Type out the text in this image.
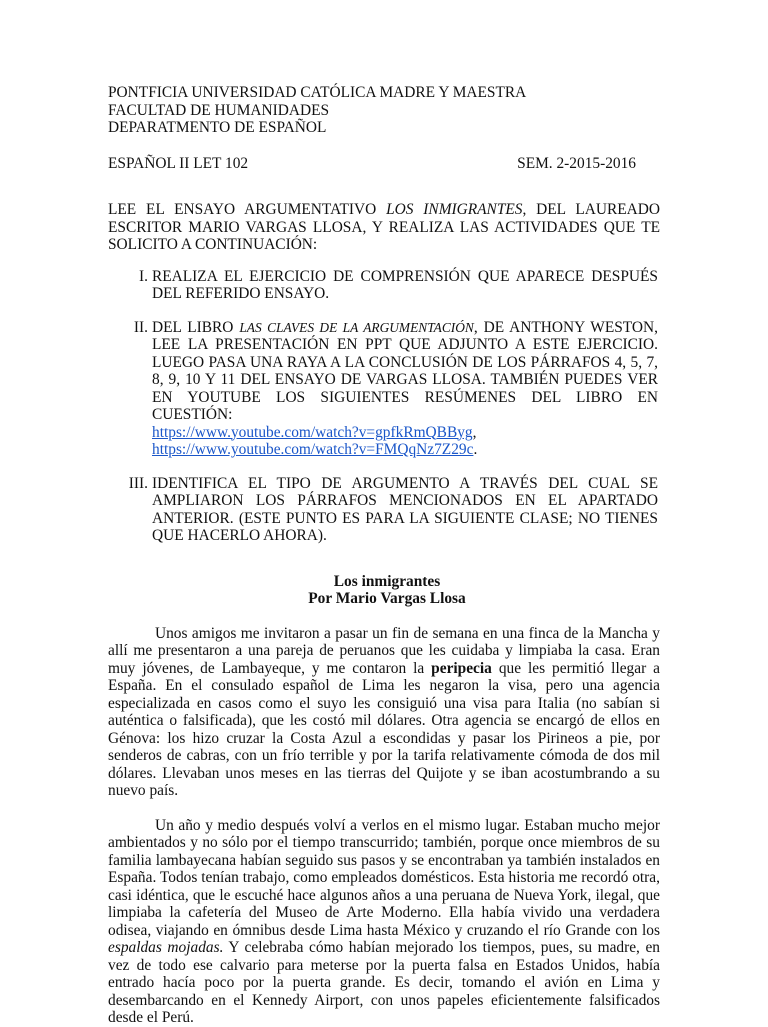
PONTFICIA UNIVERSIDAD CATÓLICA MADRE Y MAESTRA
FACULTAD DE HUMANIDADES
DEPARATMENTO DE ESPAÑOL
ESPAÑOL II LET 102	SEM. 2-2015-2016
LEE EL ENSAYO ARGUMENTATIVO LOS INMIGRANTES, DEL LAUREADO ESCRITOR MARIO VARGAS LLOSA, Y REALIZA LAS ACTIVIDADES QUE TE SOLICITO A CONTINUACIÓN:
I. REALIZA EL EJERCICIO DE COMPRENSIÓN QUE APARECE DESPUÉS DEL REFERIDO ENSAYO.
II. DEL LIBRO LAS CLAVES DE LA ARGUMENTACIÓN, DE ANTHONY WESTON, LEE LA PRESENTACIÓN EN PPT QUE ADJUNTO A ESTE EJERCICIO. LUEGO PASA UNA RAYA A LA CONCLUSIÓN DE LOS PÁRRAFOS 4, 5, 7, 8, 9, 10 Y 11 DEL ENSAYO DE VARGAS LLOSA. TAMBIÉN PUEDES VER EN YOUTUBE LOS SIGUIENTES RESÚMENES DEL LIBRO EN CUESTIÓN:
https://www.youtube.com/watch?v=gpfkRmQBByg,
https://www.youtube.com/watch?v=FMQqNz7Z29c.
III. IDENTIFICA EL TIPO DE ARGUMENTO A TRAVÉS DEL CUAL SE AMPLIARON LOS PÁRRAFOS MENCIONADOS EN EL APARTADO ANTERIOR. (ESTE PUNTO ES PARA LA SIGUIENTE CLASE; NO TIENES QUE HACERLO AHORA).
Los inmigrantes
Por Mario Vargas Llosa
Unos amigos me invitaron a pasar un fin de semana en una finca de la Mancha y allí me presentaron a una pareja de peruanos que les cuidaba y limpiaba la casa. Eran muy jóvenes, de Lambayeque, y me contaron la peripecia que les permitió llegar a España. En el consulado español de Lima les negaron la visa, pero una agencia especializada en casos como el suyo les consiguió una visa para Italia (no sabían si auténtica o falsificada), que les costó mil dólares. Otra agencia se encargó de ellos en Génova: los hizo cruzar la Costa Azul a escondidas y pasar los Pirineos a pie, por senderos de cabras, con un frío terrible y por la tarifa relativamente cómoda de dos mil dólares. Llevaban unos meses en las tierras del Quijote y se iban acostumbrando a su nuevo país.
Un año y medio después volví a verlos en el mismo lugar. Estaban mucho mejor ambientados y no sólo por el tiempo transcurrido; también, porque once miembros de su familia lambayecana habían seguido sus pasos y se encontraban ya también instalados en España. Todos tenían trabajo, como empleados domésticos. Esta historia me recordó otra, casi idéntica, que le escuché hace algunos años a una peruana de Nueva York, ilegal, que limpiaba la cafetería del Museo de Arte Moderno. Ella había vivido una verdadera odisea, viajando en ómnibus desde Lima hasta México y cruzando el río Grande con los espaldas mojadas. Y celebraba cómo habían mejorado los tiempos, pues, su madre, en vez de todo ese calvario para meterse por la puerta falsa en Estados Unidos, había entrado hacía poco por la puerta grande. Es decir, tomando el avión en Lima y desembarcando en el Kennedy Airport, con unos papeles eficientemente falsificados desde el Perú.
